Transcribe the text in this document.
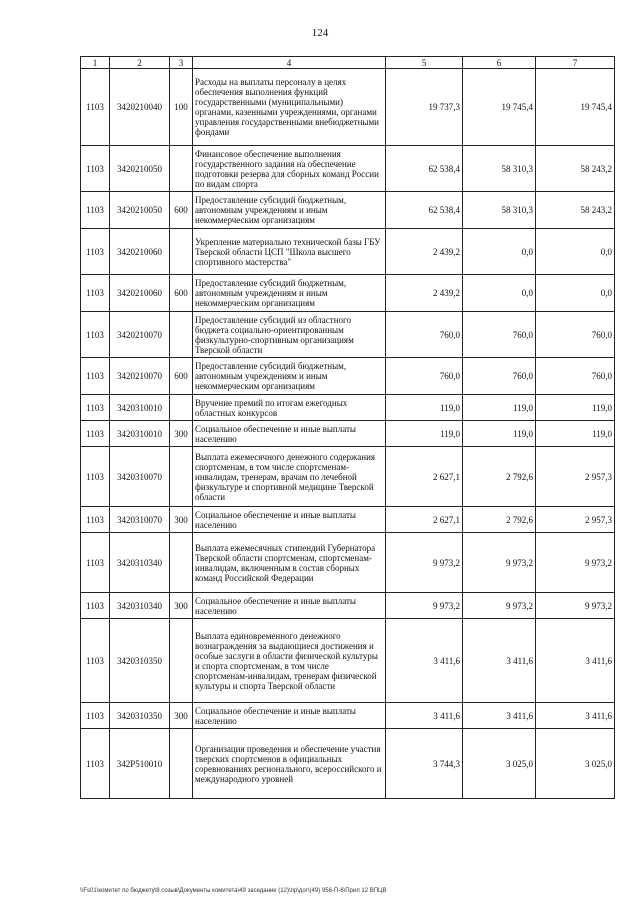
124
1	2	3	4	5	6	7
1103	3420210040	100	Расходы на выплаты персоналу в целях обеспечения выполнения функций государственными (муниципальными) органами, казенными учреждениями, органами управления государственными внебюджетными фондами	19 737,3	19 745,4	19 745,4
1103	3420210050		Финансовое обеспечение выполнения государственного задания на обеспечение подготовки резерва для сборных команд России по видам спорта	62 538,4	58 310,3	58 243,2
1103	3420210050	600	Предоставление субсидий бюджетным, автономным учреждениям и иным некоммерческим организациям	62 538,4	58 310,3	58 243,2
1103	3420210060		Укрепление материально технической базы ГБУ Тверской области ЦСП "Школа высшего спортивного мастерства"	2 439,2	0,0	0,0
1103	3420210060	600	Предоставление субсидий бюджетным, автономным учреждениям и иным некоммерческим организациям	2 439,2	0,0	0,0
1103	3420210070		Предоставление субсидий из областного бюджета социально-ориентированным физкультурно-спортивным организациям Тверской области	760,0	760,0	760,0
1103	3420210070	600	Предоставление субсидий бюджетным, автономным учреждениям и иным некоммерческим организациям	760,0	760,0	760,0
1103	3420310010		Вручение премий по итогам ежегодных областных конкурсов	119,0	119,0	119,0
1103	3420310010	300	Социальное обеспечение и иные выплаты населению	119,0	119,0	119,0
1103	3420310070		Выплата ежемесячного денежного содержания спортсменам, в том числе спортсменам-инвалидам, тренерам, врачам по лечебной физкультуре и спортивной медицине Тверской области	2 627,1	2 792,6	2 957,3
1103	3420310070	300	Социальное обеспечение и иные выплаты населению	2 627,1	2 792,6	2 957,3
1103	3420310340		Выплата ежемесячных стипендий Губернатора Тверской области спортсменам, спортсменам-инвалидам, включенным в состав сборных команд Российской Федерации	9 973,2	9 973,2	9 973,2
1103	3420310340	300	Социальное обеспечение и иные выплаты населению	9 973,2	9 973,2	9 973,2
1103	3420310350		Выплата единовременного денежного вознаграждения за выдающиеся достижения и особые заслуги в области физической культуры и спорта спортсменам, в том числе спортсменам-инвалидам, тренерам физической культуры и спорта Тверской области	3 411,6	3 411,6	3 411,6
1103	3420310350	300	Социальное обеспечение и иные выплаты населению	3 411,6	3 411,6	3 411,6
1103	342P510010		Организация проведения и обеспечение участия тверских спортсменов в официальных соревнованиях регионального, всероссийского и международного уровней	3 744,3	3 025,0	3 025,0
\\Fs01\комитет по бюджету\8 созыв\Документы комитета\49 заседание (12)\пр\дог\(49) 956-П-6\Прил 12 ВПЦВ
